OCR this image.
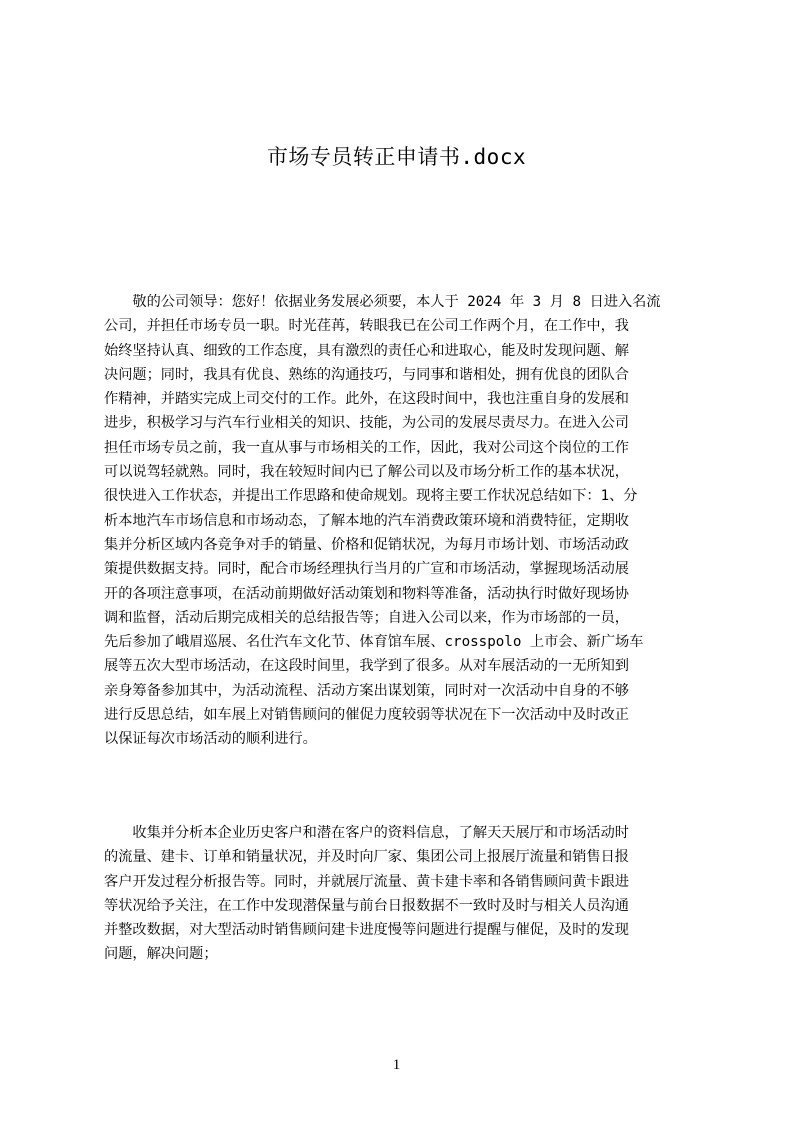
市场专员转正申请书.docx
　　敬的公司领导：您好！依据业务发展必须要，本人于 2024 年 3 月 8 日进入名流
公司，并担任市场专员一职。时光荏苒，转眼我已在公司工作两个月，在工作中，我
始终坚持认真、细致的工作态度，具有激烈的责任心和进取心，能及时发现问题、解
决问题；同时，我具有优良、熟练的沟通技巧，与同事和谐相处，拥有优良的团队合
作精神，并踏实完成上司交付的工作。此外，在这段时间中，我也注重自身的发展和
进步，积极学习与汽车行业相关的知识、技能，为公司的发展尽责尽力。在进入公司
担任市场专员之前，我一直从事与市场相关的工作，因此，我对公司这个岗位的工作
可以说驾轻就熟。同时，我在较短时间内已了解公司以及市场分析工作的基本状况，
很快进入工作状态，并提出工作思路和使命规划。现将主要工作状况总结如下：1、分
析本地汽车市场信息和市场动态，了解本地的汽车消费政策环境和消费特征，定期收
集并分析区域内各竞争对手的销量、价格和促销状况，为每月市场计划、市场活动政
策提供数据支持。同时，配合市场经理执行当月的广宣和市场活动，掌握现场活动展
开的各项注意事项，在活动前期做好活动策划和物料等准备，活动执行时做好现场协
调和监督，活动后期完成相关的总结报告等；自进入公司以来，作为市场部的一员，
先后参加了峨眉巡展、名仕汽车文化节、体育馆车展、crosspolo 上市会、新广场车
展等五次大型市场活动，在这段时间里，我学到了很多。从对车展活动的一无所知到
亲身筹备参加其中，为活动流程、活动方案出谋划策，同时对一次活动中自身的不够
进行反思总结，如车展上对销售顾问的催促力度较弱等状况在下一次活动中及时改正
以保证每次市场活动的顺利进行。
　　收集并分析本企业历史客户和潜在客户的资料信息，了解天天展厅和市场活动时
的流量、建卡、订单和销量状况，并及时向厂家、集团公司上报展厅流量和销售日报
客户开发过程分析报告等。同时，并就展厅流量、黄卡建卡率和各销售顾问黄卡跟进
等状况给予关注，在工作中发现潜保量与前台日报数据不一致时及时与相关人员沟通
并整改数据，对大型活动时销售顾问建卡进度慢等问题进行提醒与催促，及时的发现
问题，解决问题；
1
